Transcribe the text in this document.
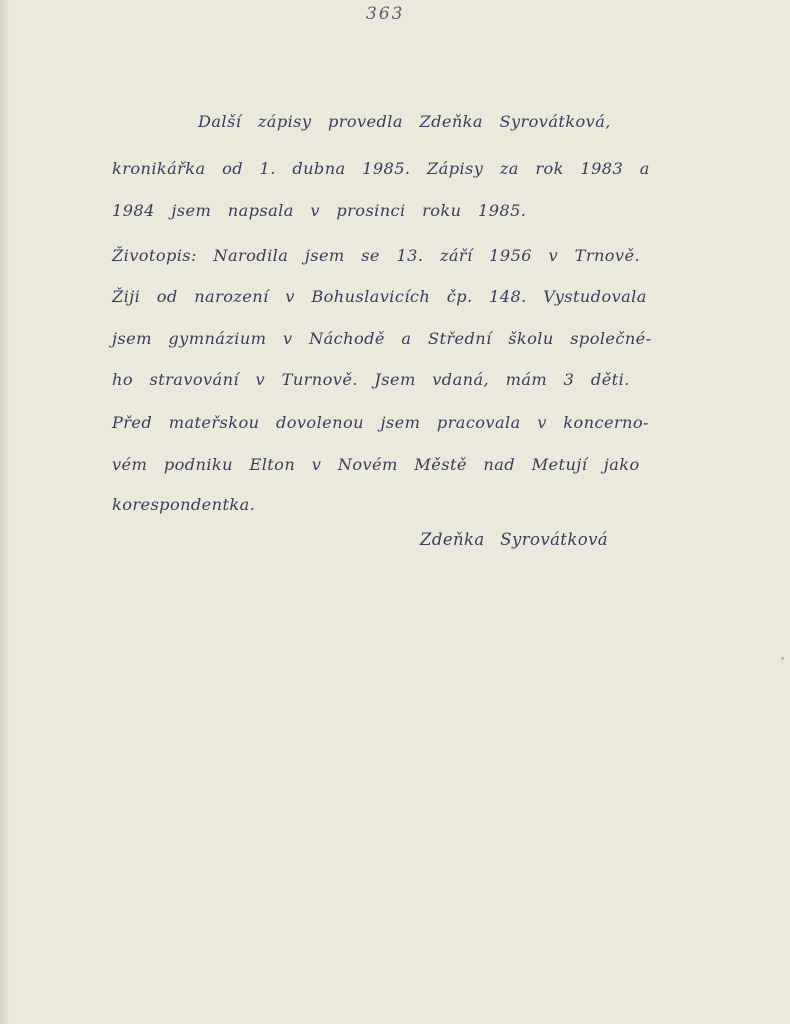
363
Další zápisy provedla Zdeňka Syrovátková,
kronikářka od 1. dubna 1985. Zápisy za rok 1983 a
1984 jsem napsala v prosinci roku 1985.
Životopis: Narodila jsem se 13. září 1956 v Trnově.
Žiji od narození v Bohuslavicích čp. 148. Vystudovala
jsem gymnázium v Náchodě a Střední školu společné-
ho stravování v Turnově. Jsem vdaná, mám 3 děti.
Před mateřskou dovolenou jsem pracovala v koncerno-
vém podniku Elton v Novém Městě nad Metují jako
korespondentka.
Zdeňka Syrovátková
